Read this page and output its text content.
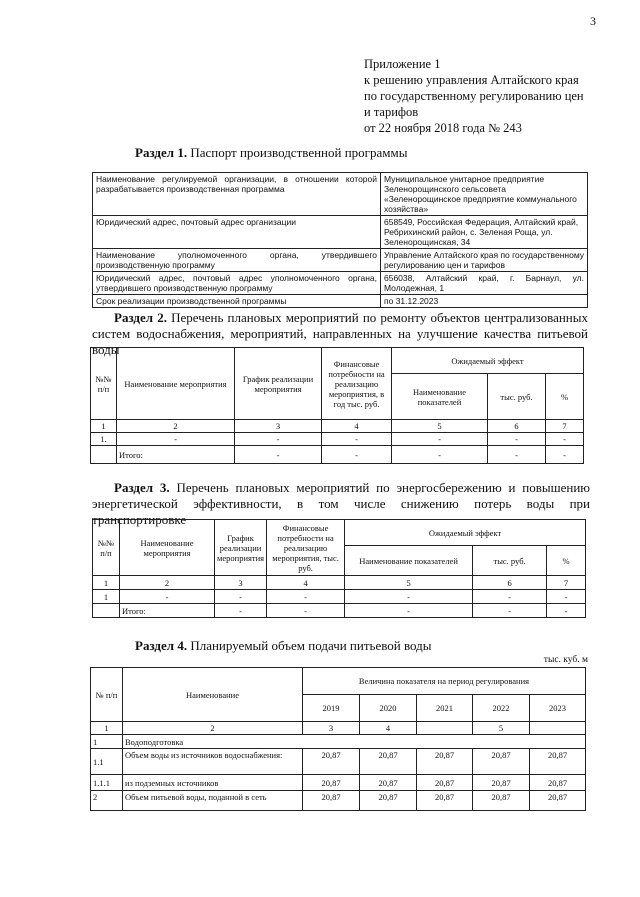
3
Приложение 1
к решению управления Алтайского края
по государственному регулированию цен
и тарифов
от 22 ноября 2018 года № 243
Раздел 1. Паспорт производственной программы
Наименование регулируемой организации, в отношении которой разрабатывается производственная программа	Муниципальное унитарное предприятие Зеленорощинского сельсовета «Зеленорощинское предприятие коммунального хозяйства»
Юридический адрес, почтовый адрес организации	658549, Российская Федерация, Алтайский край, Ребрихинский район, с. Зеленая Роща, ул. Зеленорощинская, 34
Наименование уполномоченного органа, утвердившего производственную программу	Управление Алтайского края по государственному регулированию цен и тарифов
Юридический адрес, почтовый адрес уполномоченного органа, утвердившего производственную программу	656038, Алтайский край, г. Барнаул, ул. Молодежная, 1
Срок реализации производственной программы	по 31.12.2023
Раздел 2. Перечень плановых мероприятий по ремонту объектов централизованных систем водоснабжения, мероприятий, направленных на улучшение качества питьевой воды
№№ п/п	Наименование мероприятия	График реализации мероприятия	Финансовые потребности на реализацию мероприятия, в год тыс. руб.	Ожидаемый эффект		
				Наименование показателей	тыс. руб.	%
1	2	3	4	5	6	7
1.	-	-	-	-	-	-
	Итого:	-	-	-	-	-
Раздел 3. Перечень плановых мероприятий по энергосбережению и повышению энергетической эффективности, в том числе снижению потерь воды при транспортировке
№№ п/п	Наименование мероприятия	График реализации мероприятия	Финансовые потребности на реализацию мероприятия, тыс. руб.	Ожидаемый эффект		
				Наименование показателей	тыс. руб.	%
1	2	3	4	5	6	7
1	-	-	-	-	-	-
	Итого:	-	-	-	-	-
Раздел 4. Планируемый объем подачи питьевой воды
тыс. куб. м
№ п/п	Наименование	Величина показателя на период регулирования				
		2019	2020	2021	2022	2023
1	2	3	4		5	
1	Водоподготовка					
1.1	Объем воды из источников водоснабжения:	20,87	20,87	20,87	20,87	20,87
1.1.1	из подземных источников	20,87	20,87	20,87	20,87	20,87
2	Объем питьевой воды, поданной в сеть	20,87	20,87	20,87	20,87	20,87
